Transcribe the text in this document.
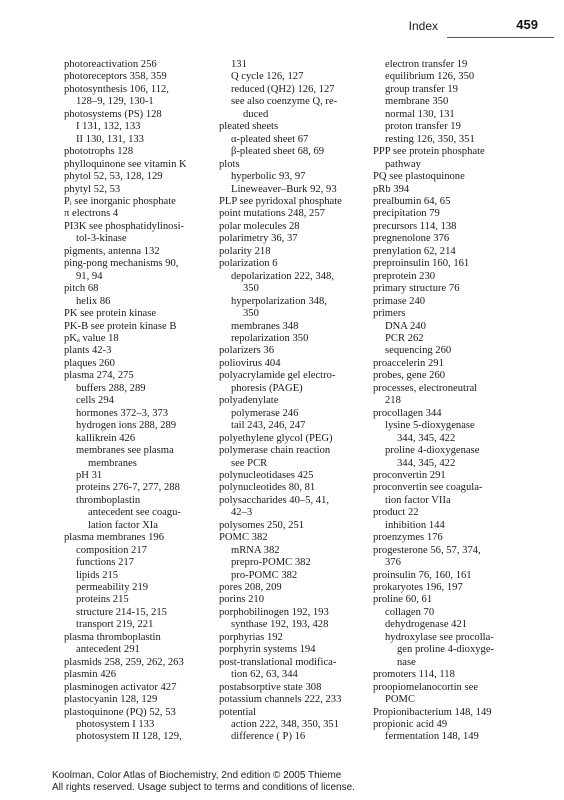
Index	459
photoreactivation 256
photoreceptors 358, 359
photosynthesis 106, 112,
128–9, 129, 130-1
photosystems (PS) 128
I 131, 132, 133
II 130, 131, 133
phototrophs 128
phylloquinone see vitamin K
phytol 52, 53, 128, 129
phytyl 52, 53
Pᵢ see inorganic phosphate
π electrons 4
PI3K see phosphatidylinosi-
tol-3-kinase
pigments, antenna 132
ping-pong mechanisms 90,
91, 94
pitch 68
helix 86
PK see protein kinase
PK-B see protein kinase B
pKₐ value 18
plants 42-3
plaques 260
plasma 274, 275
buffers 288, 289
cells 294
hormones 372–3, 373
hydrogen ions 288, 289
kallikrein 426
membranes see plasma
membranes
pH 31
proteins 276-7, 277, 288
thromboplastin
antecedent see coagu-
lation factor XIa
plasma membranes 196
composition 217
functions 217
lipids 215
permeability 219
proteins 215
structure 214-15, 215
transport 219, 221
plasma thromboplastin
antecedent 291
plasmids 258, 259, 262, 263
plasmin 426
plasminogen activator 427
plastocyanin 128, 129
plastoquinone (PQ) 52, 53
photosystem I 133
photosystem II 128, 129,
131
Q cycle 126, 127
reduced (QH2) 126, 127
see also coenzyme Q, re-
duced
pleated sheets
α-pleated sheet 67
β-pleated sheet 68, 69
plots
hyperbolic 93, 97
Lineweaver–Burk 92, 93
PLP see pyridoxal phosphate
point mutations 248, 257
polar molecules 28
polarimetry 36, 37
polarity 218
polarization 6
depolarization 222, 348,
350
hyperpolarization 348,
350
membranes 348
repolarization 350
polarizers 36
poliovirus 404
polyacrylamide gel electro-
phoresis (PAGE)
polyadenylate
polymerase 246
tail 243, 246, 247
polyethylene glycol (PEG)
polymerase chain reaction
see PCR
polynucleotidases 425
polynucleotides 80, 81
polysaccharides 40–5, 41,
42–3
polysomes 250, 251
POMC 382
mRNA 382
prepro-POMC 382
pro-POMC 382
pores 208, 209
porins 210
porphobilinogen 192, 193
synthase 192, 193, 428
porphyrias 192
porphyrin systems 194
post-translational modifica-
tion 62, 63, 344
postabsorptive state 308
potassium channels 222, 233
potential
action 222, 348, 350, 351
difference ( P) 16
electron transfer 19
equilibrium 126, 350
group transfer 19
membrane 350
normal 130, 131
proton transfer 19
resting 126, 350, 351
PPP see protein phosphate
pathway
PQ see plastoquinone
pRb 394
prealbumin 64, 65
precipitation 79
precursors 114, 138
pregnenolone 376
prenylation 62, 214
preproinsulin 160, 161
preprotein 230
primary structure 76
primase 240
primers
DNA 240
PCR 262
sequencing 260
proaccelerin 291
probes, gene 260
processes, electroneutral
218
procollagen 344
lysine 5-dioxygenase
344, 345, 422
proline 4-dioxygenase
344, 345, 422
proconvertin 291
proconvertin see coagula-
tion factor VIIa
product 22
inhibition 144
proenzymes 176
progesterone 56, 57, 374,
376
proinsulin 76, 160, 161
prokaryotes 196, 197
proline 60, 61
collagen 70
dehydrogenase 421
hydroxylase see procolla-
gen proline 4-dioxyge-
nase
promoters 114, 118
proopiomelanocortin see
POMC
Propionibacterium 148, 149
propionic acid 49
fermentation 148, 149
Koolman, Color Atlas of Biochemistry, 2nd edition © 2005 Thieme
All rights reserved. Usage subject to terms and conditions of license.
